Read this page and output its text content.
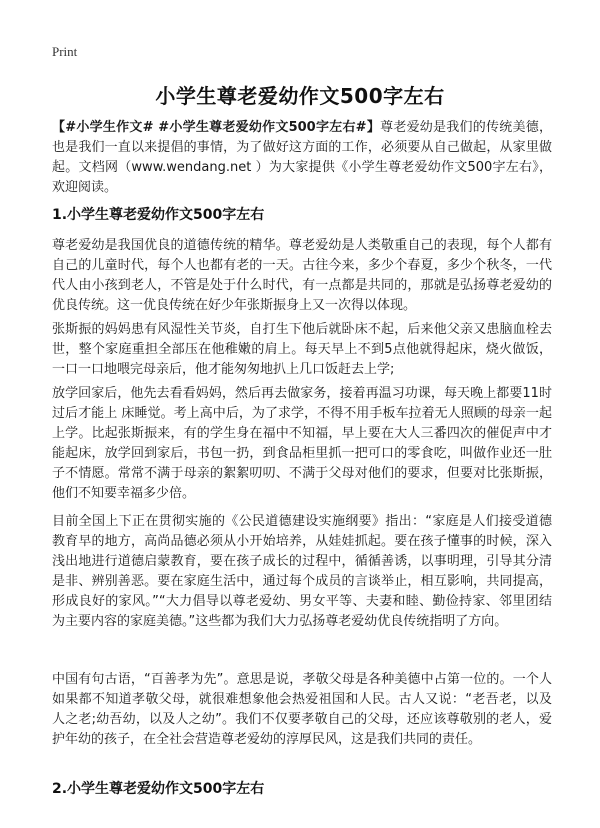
Print
小学生尊老爱幼作文500字左右
【#小学生作文# #小学生尊老爱幼作文500字左右#】尊老爱幼是我们的传统美德，也是我们一直以来提倡的事情，为了做好这方面的工作，必须要从自己做起，从家里做起。文档网（www.wendang.net ）为大家提供《小学生尊老爱幼作文500字左右》，欢迎阅读。
1.小学生尊老爱幼作文500字左右

尊老爱幼是我国优良的道德传统的精华。尊老爱幼是人类敬重自己的表现，每个人都有自己的儿童时代，每个人也都有老的一天。古往今来，多少个春夏，多少个秋冬，一代代人由小孩到老人，不管是处于什么时代，有一点都是共同的，那就是弘扬尊老爱幼的优良传统。这一优良传统在好少年张斯振身上又一次得以体现。

张斯振的妈妈患有风湿性关节炎，自打生下他后就卧床不起，后来他父亲又患脑血栓去世，整个家庭重担全部压在他稚嫩的肩上。每天早上不到5点他就得起床，烧火做饭，一口一口地喂完母亲后，他才能匆匆地扒上几口饭赶去上学;

放学回家后，他先去看看妈妈，然后再去做家务，接着再温习功课，每天晚上都要11时过后才能上 床睡觉。考上高中后，为了求学，不得不用手板车拉着无人照顾的母亲一起上学。比起张斯振来，有的学生身在福中不知福，早上要在大人三番四次的催促声中才能起床，放学回到家后，书包一扔，到食品柜里抓一把可口的零食吃，叫做作业还一肚子不情愿。常常不满于母亲的絮絮叨叨、不满于父母对他们的要求，但要对比张斯振，他们不知要幸福多少倍。

目前全国上下正在贯彻实施的《公民道德建设实施纲要》指出：“家庭是人们接受道德教育早的地方，高尚品德必须从小开始培养，从娃娃抓起。要在孩子懂事的时候，深入浅出地进行道德启蒙教育，要在孩子成长的过程中，循循善诱，以事明理，引导其分清是非、辨别善恶。要在家庭生活中，通过每个成员的言谈举止，相互影响，共同提高，形成良好的家风。”“大力倡导以尊老爱幼、男女平等、夫妻和睦、勤俭持家、邻里团结为主要内容的家庭美德。”这些都为我们大力弘扬尊老爱幼优良传统指明了方向。

中国有句古语，“百善孝为先”。意思是说，孝敬父母是各种美德中占第一位的。一个人如果都不知道孝敬父母，就很难想象他会热爱祖国和人民。古人又说：“老吾老，以及人之老;幼吾幼，以及人之幼”。我们不仅要孝敬自己的父母，还应该尊敬别的老人，爱护年幼的孩子，在全社会营造尊老爱幼的淳厚民风，这是我们共同的责任。

2.小学生尊老爱幼作文500字左右
